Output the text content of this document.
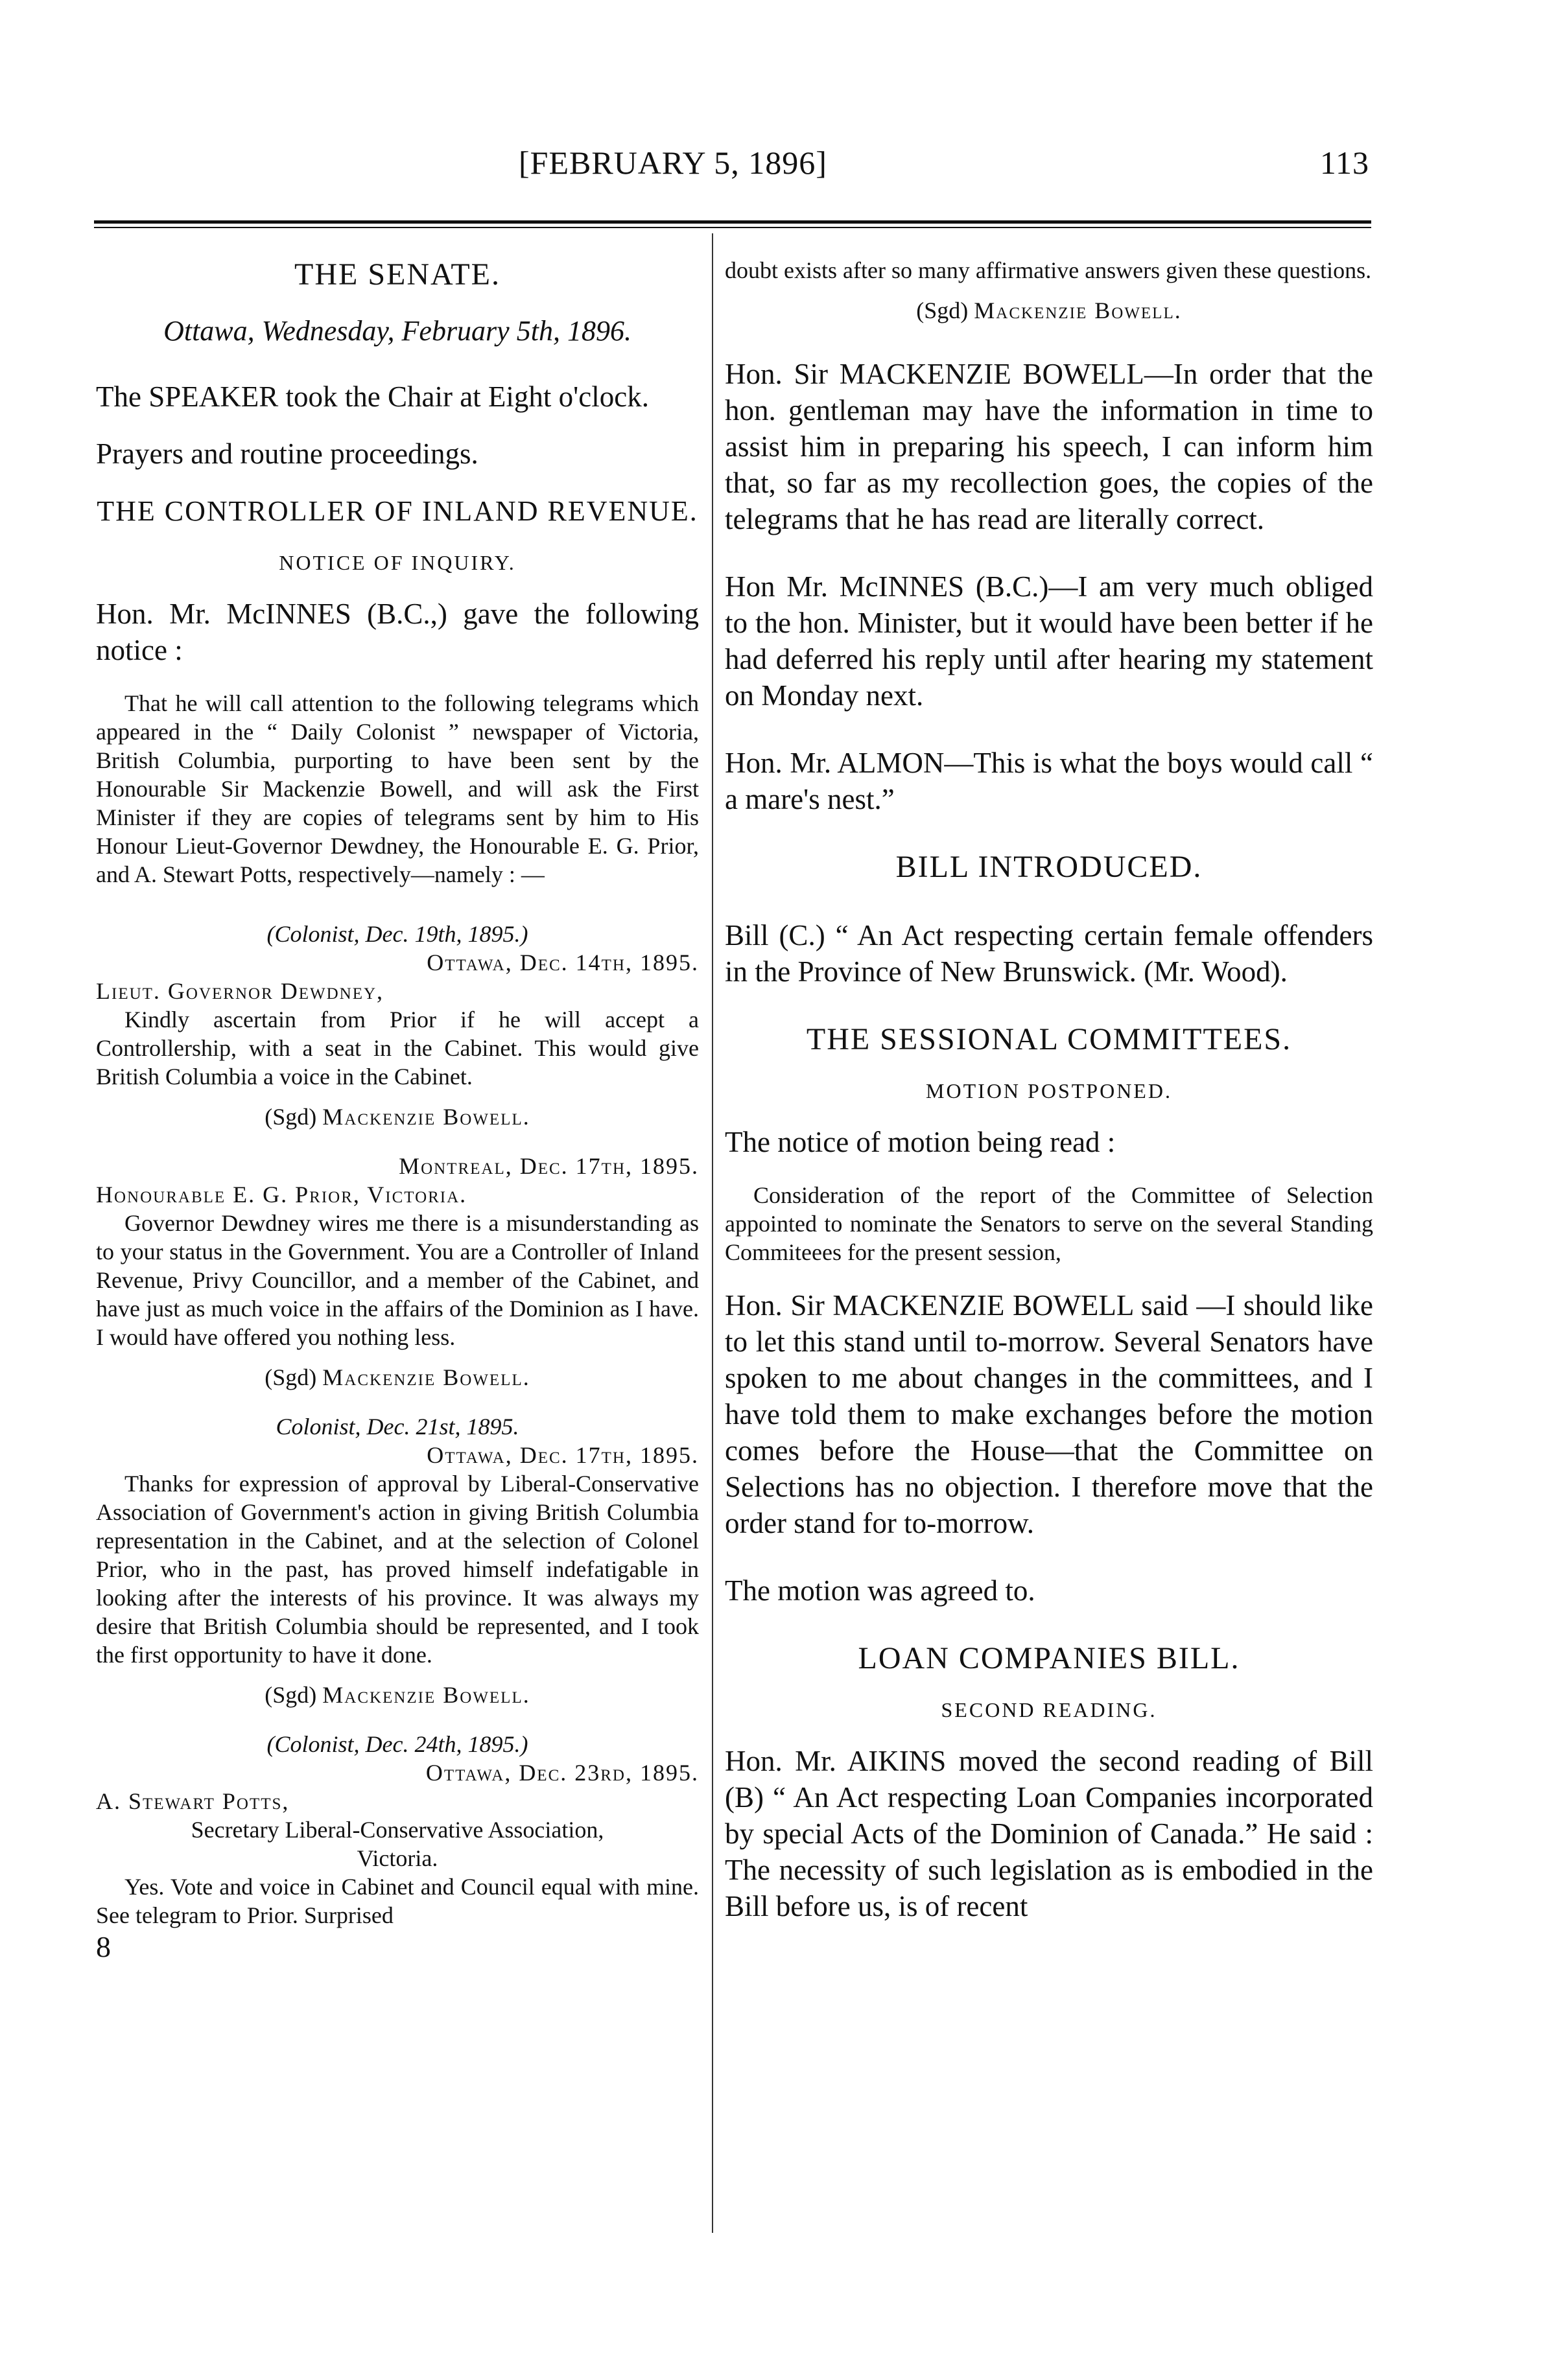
[FEBRUARY 5, 1896]	113

THE SENATE.

Ottawa, Wednesday, February 5th, 1896.

The SPEAKER took the Chair at Eight o'clock.

Prayers and routine proceedings.

THE CONTROLLER OF INLAND REVENUE.

NOTICE OF INQUIRY.

Hon. Mr. McINNES (B.C.,) gave the following notice :

That he will call attention to the following telegrams which appeared in the “ Daily Colonist ” newspaper of Victoria, British Columbia, purporting to have been sent by the Honourable Sir Mackenzie Bowell, and will ask the First Minister if they are copies of telegrams sent by him to His Honour Lieut-Governor Dewdney, the Honourable E. G. Prior, and A. Stewart Potts, respectively—namely : —

(Colonist, Dec. 19th, 1895.)

Ottawa, Dec. 14th, 1895.

Lieut. Governor Dewdney,

Kindly ascertain from Prior if he will accept a Controllership, with a seat in the Cabinet. This would give British Columbia a voice in the Cabinet.

(Sgd) Mackenzie Bowell.

Montreal, Dec. 17th, 1895.

Honourable E. G. Prior, Victoria.

Governor Dewdney wires me there is a misunderstanding as to your status in the Government. You are a Controller of Inland Revenue, Privy Councillor, and a member of the Cabinet, and have just as much voice in the affairs of the Dominion as I have. I would have offered you nothing less.

(Sgd) Mackenzie Bowell.

Colonist, Dec. 21st, 1895.

Ottawa, Dec. 17th, 1895.

Thanks for expression of approval by Liberal-Conservative Association of Government's action in giving British Columbia representation in the Cabinet, and at the selection of Colonel Prior, who in the past, has proved himself indefatigable in looking after the interests of his province. It was always my desire that British Columbia should be represented, and I took the first opportunity to have it done.

(Sgd) Mackenzie Bowell.

(Colonist, Dec. 24th, 1895.)

Ottawa, Dec. 23rd, 1895.

A. Stewart Potts,

Secretary Liberal-Conservative Association,

Victoria.

Yes. Vote and voice in Cabinet and Council equal with mine. See telegram to Prior. Surprised

8

doubt exists after so many affirmative answers given these questions.

(Sgd) Mackenzie Bowell.

Hon. Sir MACKENZIE BOWELL—In order that the hon. gentleman may have the information in time to assist him in preparing his speech, I can inform him that, so far as my recollection goes, the copies of the telegrams that he has read are literally correct.

Hon Mr. McINNES (B.C.)—I am very much obliged to the hon. Minister, but it would have been better if he had deferred his reply until after hearing my statement on Monday next.

Hon. Mr. ALMON—This is what the boys would call “ a mare's nest.”

BILL INTRODUCED.

Bill (C.) “ An Act respecting certain female offenders in the Province of New Brunswick. (Mr. Wood).

THE SESSIONAL COMMITTEES.

MOTION POSTPONED.

The notice of motion being read :

Consideration of the report of the Committee of Selection appointed to nominate the Senators to serve on the several Standing Commiteees for the present session,

Hon. Sir MACKENZIE BOWELL said —I should like to let this stand until to-morrow. Several Senators have spoken to me about changes in the committees, and I have told them to make exchanges before the motion comes before the House—that the Committee on Selections has no objection. I therefore move that the order stand for to-morrow.

The motion was agreed to.

LOAN COMPANIES BILL.

SECOND READING.

Hon. Mr. AIKINS moved the second reading of Bill (B) “ An Act respecting Loan Companies incorporated by special Acts of the Dominion of Canada.” He said : The necessity of such legislation as is embodied in the Bill before us, is of recent
